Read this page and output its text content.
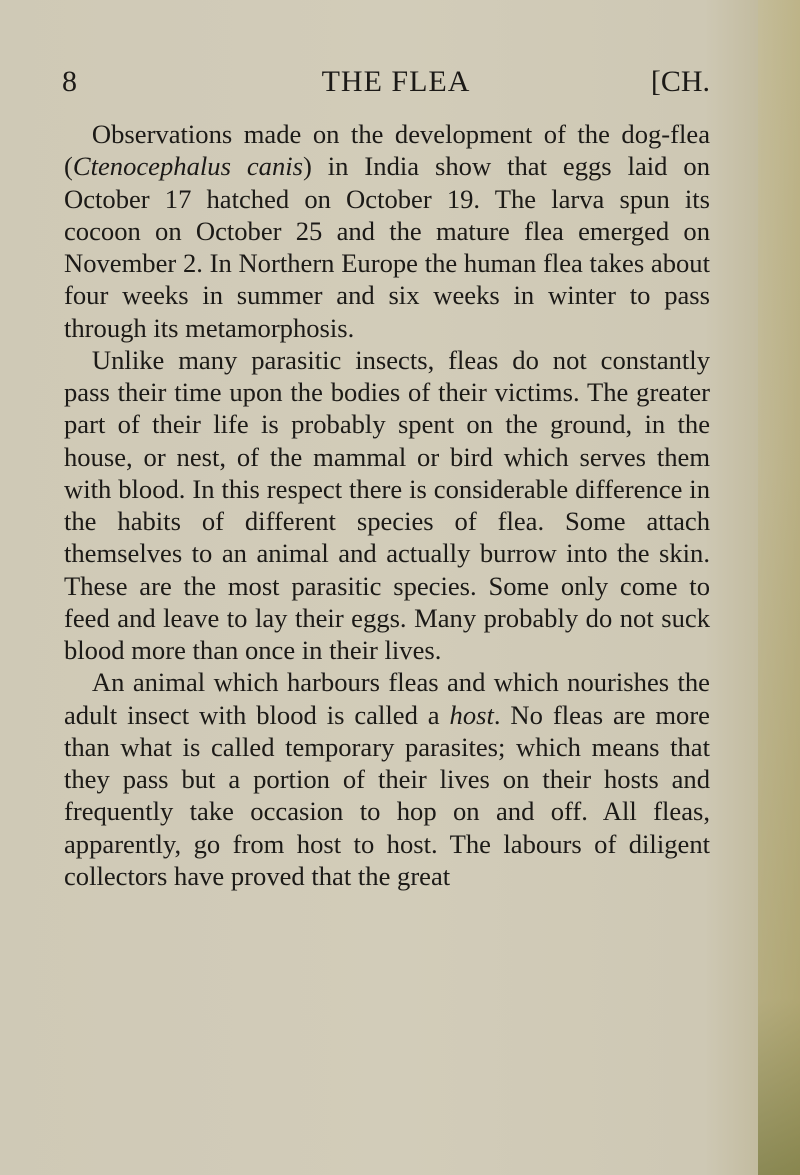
8	THE FLEA	[CH.

Observations made on the development of the dog-flea (Ctenocephalus canis) in India show that eggs laid on October 17 hatched on October 19. The larva spun its cocoon on October 25 and the mature flea emerged on November 2. In Northern Europe the human flea takes about four weeks in summer and six weeks in winter to pass through its metamorphosis.

Unlike many parasitic insects, fleas do not constantly pass their time upon the bodies of their victims. The greater part of their life is probably spent on the ground, in the house, or nest, of the mammal or bird which serves them with blood. In this respect there is considerable difference in the habits of different species of flea. Some attach themselves to an animal and actually burrow into the skin. These are the most parasitic species. Some only come to feed and leave to lay their eggs. Many probably do not suck blood more than once in their lives.

An animal which harbours fleas and which nourishes the adult insect with blood is called a host. No fleas are more than what is called temporary parasites; which means that they pass but a portion of their lives on their hosts and frequently take occasion to hop on and off. All fleas, apparently, go from host to host. The labours of diligent collectors have proved that the great
